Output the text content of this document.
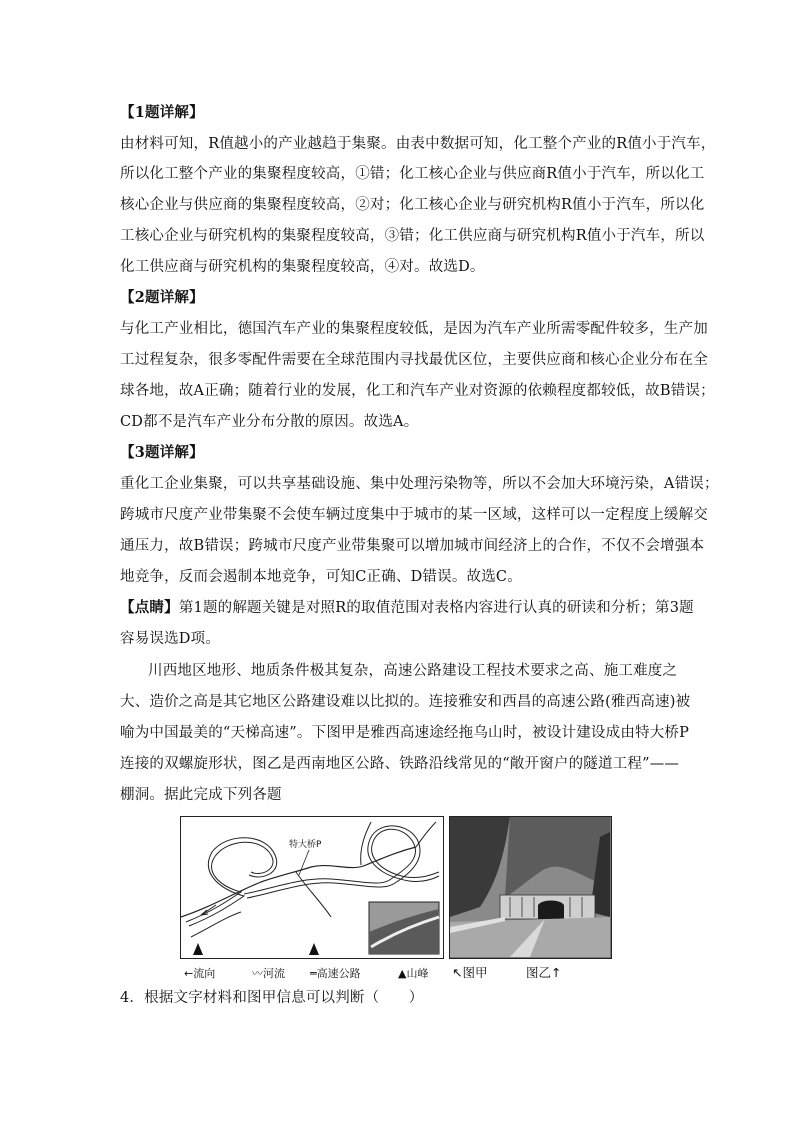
【1题详解】
由材料可知，R值越小的产业越趋于集聚。由表中数据可知，化工整个产业的R值小于汽车，
所以化工整个产业的集聚程度较高，①错；化工核心企业与供应商R值小于汽车，所以化工
核心企业与供应商的集聚程度较高，②对；化工核心企业与研究机构R值小于汽车，所以化
工核心企业与研究机构的集聚程度较高，③错；化工供应商与研究机构R值小于汽车，所以
化工供应商与研究机构的集聚程度较高，④对。故选D。
【2题详解】
与化工产业相比，德国汽车产业的集聚程度较低，是因为汽车产业所需零配件较多，生产加
工过程复杂，很多零配件需要在全球范围内寻找最优区位，主要供应商和核心企业分布在全
球各地，故A正确；随着行业的发展，化工和汽车产业对资源的依赖程度都较低，故B错误；
CD都不是汽车产业分布分散的原因。故选A。
【3题详解】
重化工企业集聚，可以共享基础设施、集中处理污染物等，所以不会加大环境污染，A错误；
跨城市尺度产业带集聚不会使车辆过度集中于城市的某一区域，这样可以一定程度上缓解交
通压力，故B错误；跨城市尺度产业带集聚可以增加城市间经济上的合作，不仅不会增强本
地竞争，反而会遏制本地竞争，可知C正确、D错误。故选C。
【点睛】第1题的解题关键是对照R的取值范围对表格内容进行认真的研读和分析；第3题
容易误选D项。
川西地区地形、地质条件极其复杂，高速公路建设工程技术要求之高、施工难度之
大、造价之高是其它地区公路建设难以比拟的。连接雅安和西昌的高速公路(雅西高速)被
喻为中国最美的“天梯高速”。下图甲是雅西高速途经拖乌山时，被设计建设成由特大桥P
连接的双螺旋形状，图乙是西南地区公路、铁路沿线常见的“敞开窗户的隧道工程”——
棚洞。据此完成下列各题
特大桥P
←流向	〰河流 ═高速公路	▲山峰 ↖图甲	图乙↑
4．根据文字材料和图甲信息可以判断（　　）
